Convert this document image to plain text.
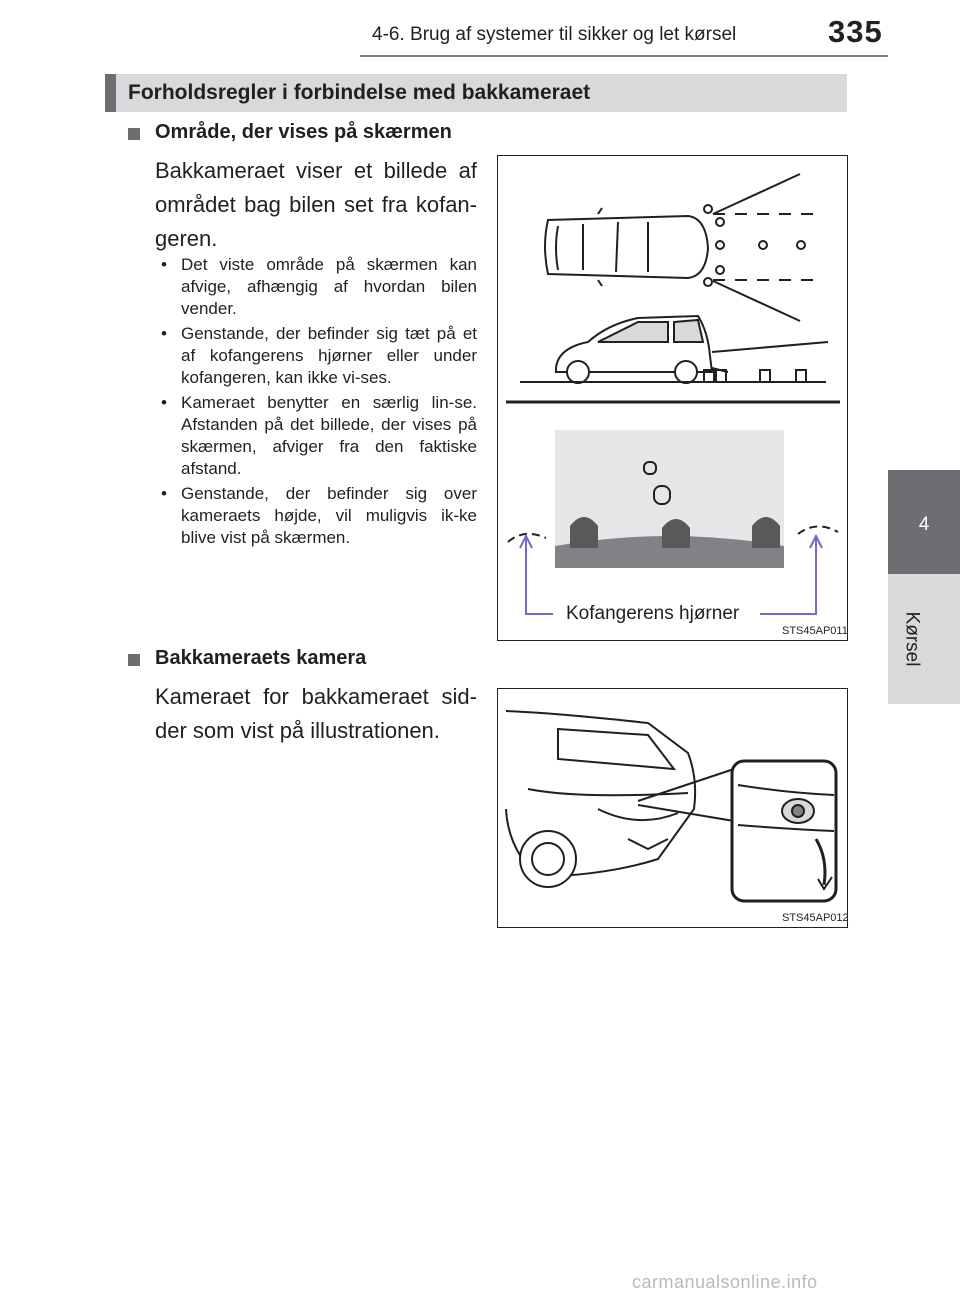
4-6. Brug af systemer til sikker og let kørsel	335
4
Kørsel
Forholdsregler i forbindelse med bakkameraet
Område, der vises på skærmen
Bakkameraet viser et billede af området bag bilen set fra kofan-geren.
• Det viste område på skærmen kan afvige, afhængig af hvordan bilen vender.
• Genstande, der befinder sig tæt på et af kofangerens hjørner eller under kofangeren, kan ikke vi-ses.
• Kameraet benytter en særlig lin-se. Afstanden på det billede, der vises på skærmen, afviger fra den faktiske afstand.
• Genstande, der befinder sig over kameraets højde, vil muligvis ik-ke blive vist på skærmen.
Kofangerens hjørner
STS45AP011
Bakkameraets kamera
Kameraet for bakkameraet sid-der som vist på illustrationen.
STS45AP012
carmanualsonline.info
